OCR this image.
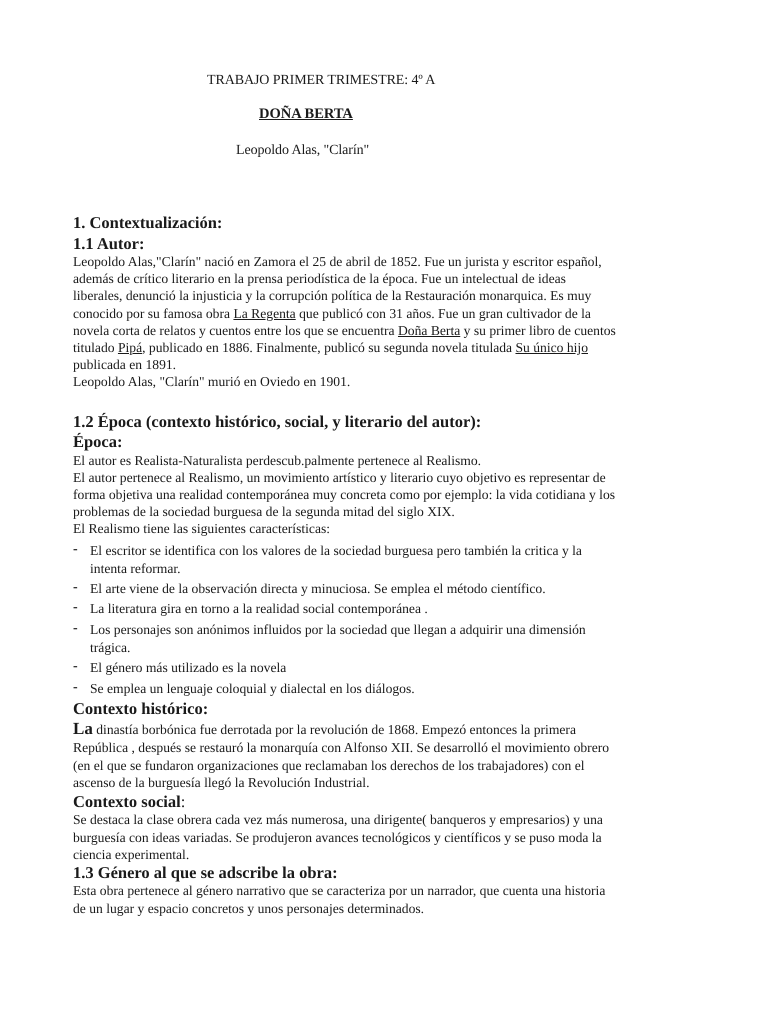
TRABAJO PRIMER TRIMESTRE: 4º A
DOÑA BERTA
Leopoldo Alas, "Clarín"
1. Contextualización:
1.1 Autor:
Leopoldo Alas,"Clarín" nació en Zamora el 25 de abril de 1852. Fue un jurista y escritor español,
además de crítico literario en la prensa periodística de la época. Fue un intelectual de ideas
liberales, denunció la injusticia y la corrupción política de la Restauración monarquica. Es muy
conocido por su famosa obra La Regenta que publicó con 31 años. Fue un gran cultivador de la
novela corta de relatos y cuentos entre los que se encuentra Doña Berta y su primer libro de cuentos
titulado Pipá, publicado en 1886. Finalmente, publicó su segunda novela titulada Su único hijo
publicada en 1891.
Leopoldo Alas, "Clarín" murió en Oviedo en 1901.
1.2 Época (contexto histórico, social, y literario del autor):
Época:
El autor es Realista-Naturalista perdescub.palmente pertenece al Realismo.
El autor pertenece al Realismo, un movimiento artístico y literario cuyo objetivo es representar de
forma objetiva una realidad contemporánea muy concreta como por ejemplo: la vida cotidiana y los
problemas de la sociedad burguesa de la segunda mitad del siglo XIX.
El Realismo tiene las siguientes características:
- El escritor se identifica con los valores de la sociedad burguesa pero también la critica y la
intenta reformar.
- El arte viene de la observación directa y minuciosa. Se emplea el método científico.
- La literatura gira en torno a la realidad social contemporánea .
- Los personajes son anónimos influidos por la sociedad que llegan a adquirir una dimensión
trágica.
- El género más utilizado es la novela
- Se emplea un lenguaje coloquial y dialectal en los diálogos.
Contexto histórico:
La dinastía borbónica fue derrotada por la revolución de 1868. Empezó entonces la primera
República , después se restauró la monarquía con Alfonso XII. Se desarrolló el movimiento obrero
(en el que se fundaron organizaciones que reclamaban los derechos de los trabajadores) con el
ascenso de la burguesía llegó la Revolución Industrial.
Contexto social:
Se destaca la clase obrera cada vez más numerosa, una dirigente( banqueros y empresarios) y una
burguesía con ideas variadas. Se produjeron avances tecnológicos y científicos y se puso moda la
ciencia experimental.
1.3 Género al que se adscribe la obra:
Esta obra pertenece al género narrativo que se caracteriza por un narrador, que cuenta una historia
de un lugar y espacio concretos y unos personajes determinados.
